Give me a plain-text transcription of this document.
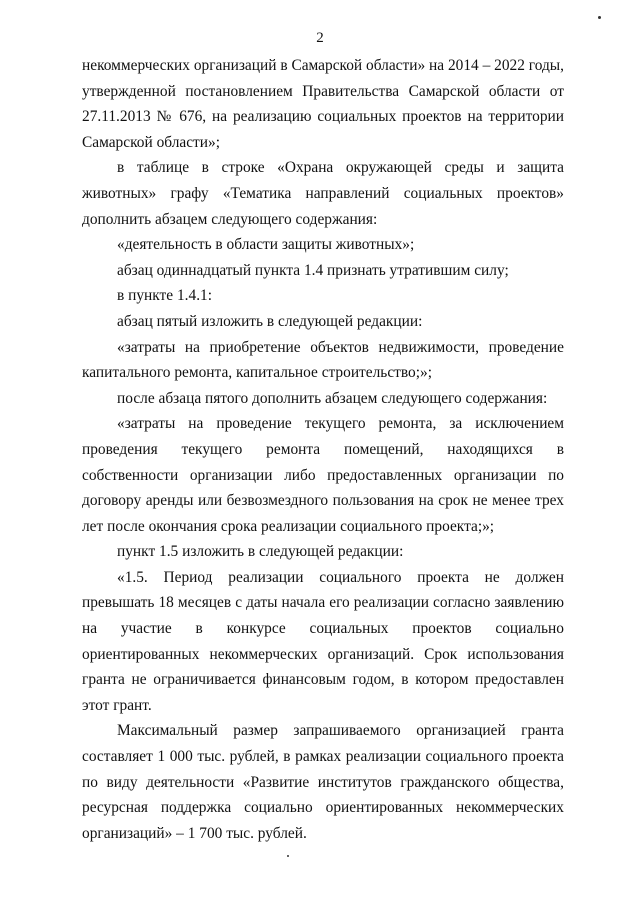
2

некоммерческих организаций в Самарской области» на 2014 – 2022 годы, утвержденной постановлением Правительства Самарской области от 27.11.2013 № 676, на реализацию социальных проектов на территории Самарской области»;

в таблице в строке «Охрана окружающей среды и защита животных» графу «Тематика направлений социальных проектов» дополнить абзацем следующего содержания:

«деятельность в области защиты животных»;

абзац одиннадцатый пункта 1.4 признать утратившим силу;

в пункте 1.4.1:

абзац пятый изложить в следующей редакции:

«затраты на приобретение объектов недвижимости, проведение капитального ремонта, капитальное строительство;»;

после абзаца пятого дополнить абзацем следующего содержания:

«затраты на проведение текущего ремонта, за исключением проведения текущего ремонта помещений, находящихся в собственности организации либо предоставленных организации по договору аренды или безвозмездного пользования на срок не менее трех лет после окончания срока реализации социального проекта;»;

пункт 1.5 изложить в следующей редакции:

«1.5. Период реализации социального проекта не должен превышать 18 месяцев с даты начала его реализации согласно заявлению на участие в конкурсе социальных проектов социально ориентированных некоммерческих организаций. Срок использования гранта не ограничивается финансовым годом, в котором предоставлен этот грант.

Максимальный размер запрашиваемого организацией гранта составляет 1 000 тыс. рублей, в рамках реализации социального проекта по виду деятельности «Развитие институтов гражданского общества, ресурсная поддержка социально ориентированных некоммерческих организаций» – 1 700 тыс. рублей.
